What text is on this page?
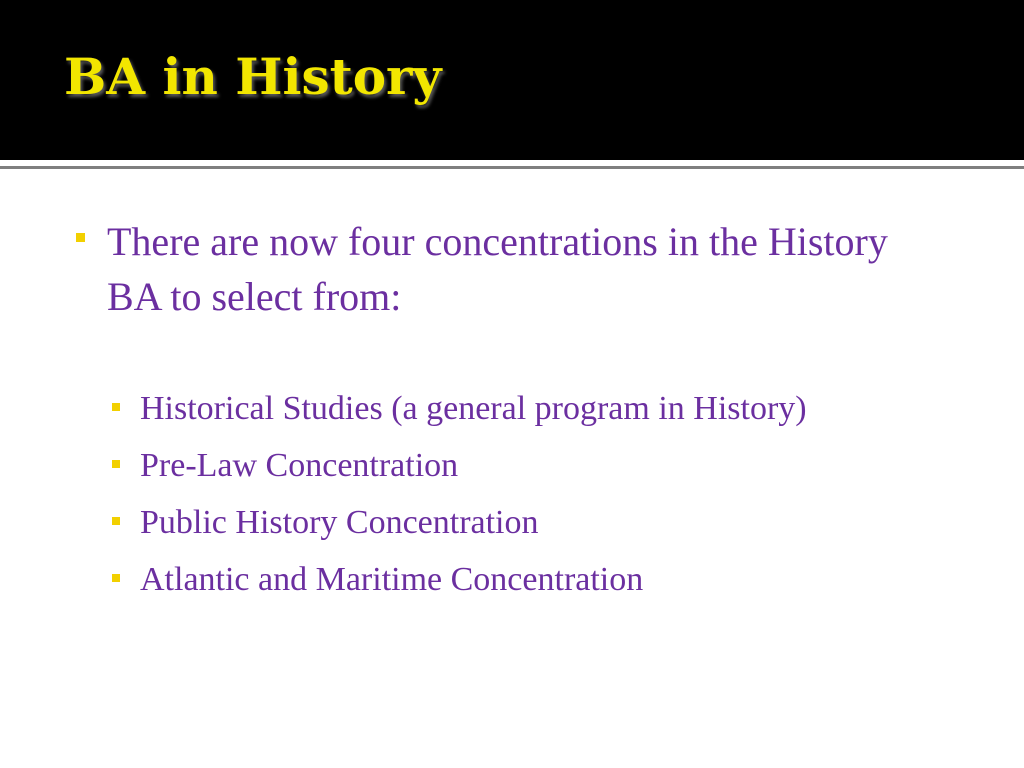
BA in History
There are now four concentrations in the History BA to select from:
Historical Studies (a general program in History)
Pre-Law Concentration
Public History Concentration
Atlantic and Maritime Concentration
